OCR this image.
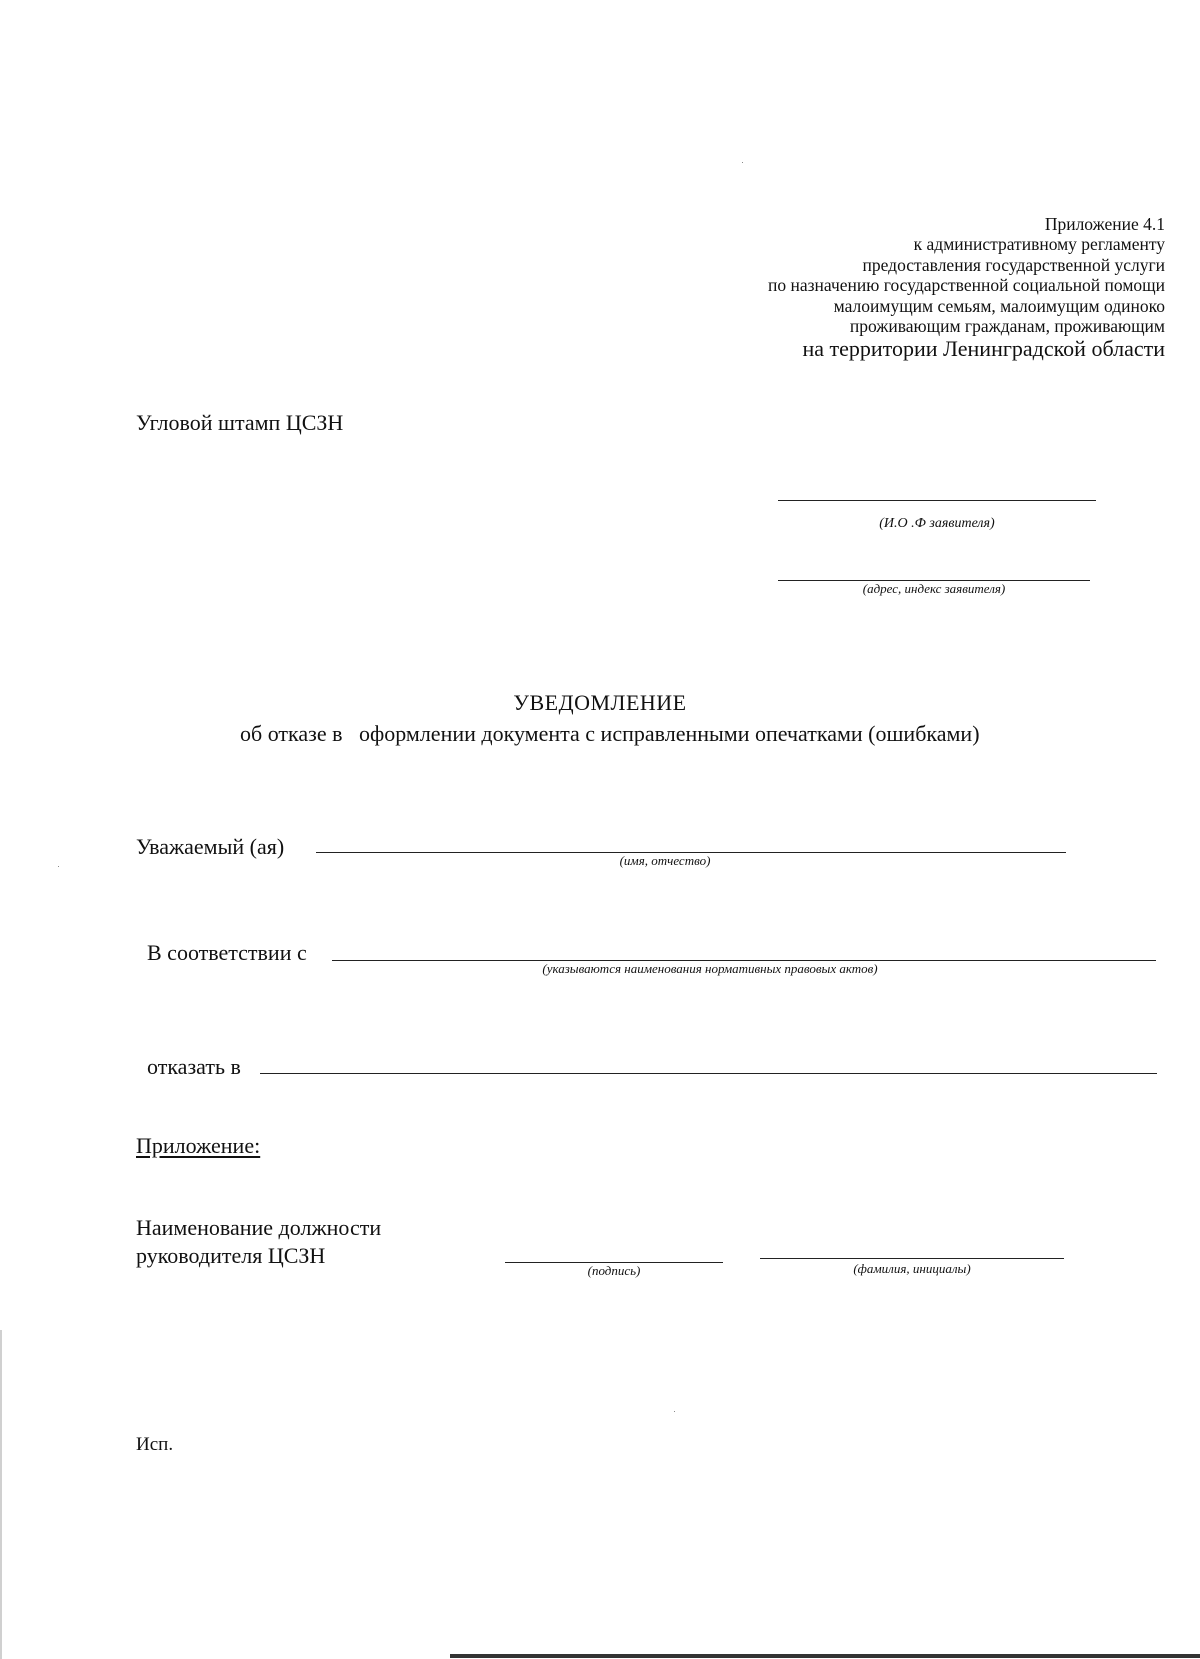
Приложение 4.1
к административному регламенту
предоставления государственной услуги
по назначению государственной социальной помощи
малоимущим семьям, малоимущим одиноко
проживающим гражданам, проживающим
на территории Ленинградской области
Угловой штамп ЦСЗН
(И.О .Ф заявителя)
(адрес, индекс заявителя)
УВЕДОМЛЕНИЕ
об отказе в   оформлении документа с исправленными опечатками (ошибками)
Уважаемый (ая)
(имя, отчество)
В соответствии с
(указываются наименования нормативных правовых актов)
отказать в
Приложение:
Наименование должности
руководителя ЦСЗН
(подпись)	(фамилия, инициалы)
Исп.
